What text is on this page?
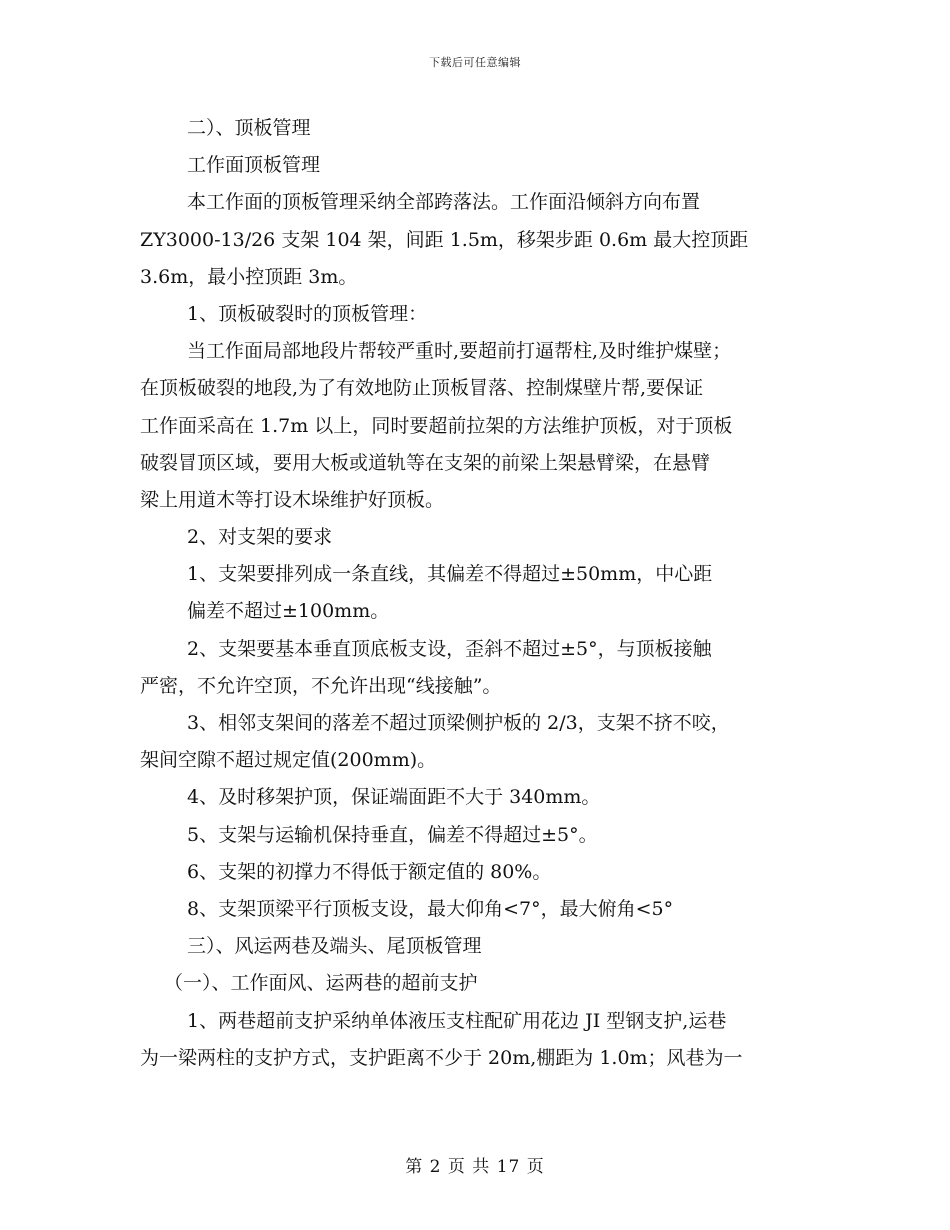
下载后可任意编辑
二）、顶板管理
工作面顶板管理
本工作面的顶板管理采纳全部跨落法。工作面沿倾斜方向布置
ZY3000-13/26 支架 104 架，间距 1.5m，移架步距 0.6m 最大控顶距
3.6m，最小控顶距 3m。
1、顶板破裂时的顶板管理：
当工作面局部地段片帮较严重时,要超前打逼帮柱,及时维护煤壁；
在顶板破裂的地段,为了有效地防止顶板冒落、控制煤壁片帮,要保证
工作面采高在 1.7m 以上，同时要超前拉架的方法维护顶板，对于顶板
破裂冒顶区域，要用大板或道轨等在支架的前梁上架悬臂梁，在悬臂
梁上用道木等打设木垛维护好顶板。
2、对支架的要求
1、支架要排列成一条直线，其偏差不得超过±50mm，中心距
偏差不超过±100mm。
2、支架要基本垂直顶底板支设，歪斜不超过±5°，与顶板接触
严密，不允许空顶，不允许出现“线接触”。
3、相邻支架间的落差不超过顶梁侧护板的 2/3，支架不挤不咬，
架间空隙不超过规定值(200mm)。
4、及时移架护顶，保证端面距不大于 340mm。
5、支架与运输机保持垂直，偏差不得超过±5°。
6、支架的初撑力不得低于额定值的 80%。
8、支架顶梁平行顶板支设，最大仰角<7°，最大俯角<5°
三）、风运两巷及端头、尾顶板管理
（一）、工作面风、运两巷的超前支护
1、两巷超前支护采纳单体液压支柱配矿用花边 JI 型钢支护,运巷
为一梁两柱的支护方式，支护距离不少于 20m,棚距为 1.0m；风巷为一
第 2 页 共 17 页
